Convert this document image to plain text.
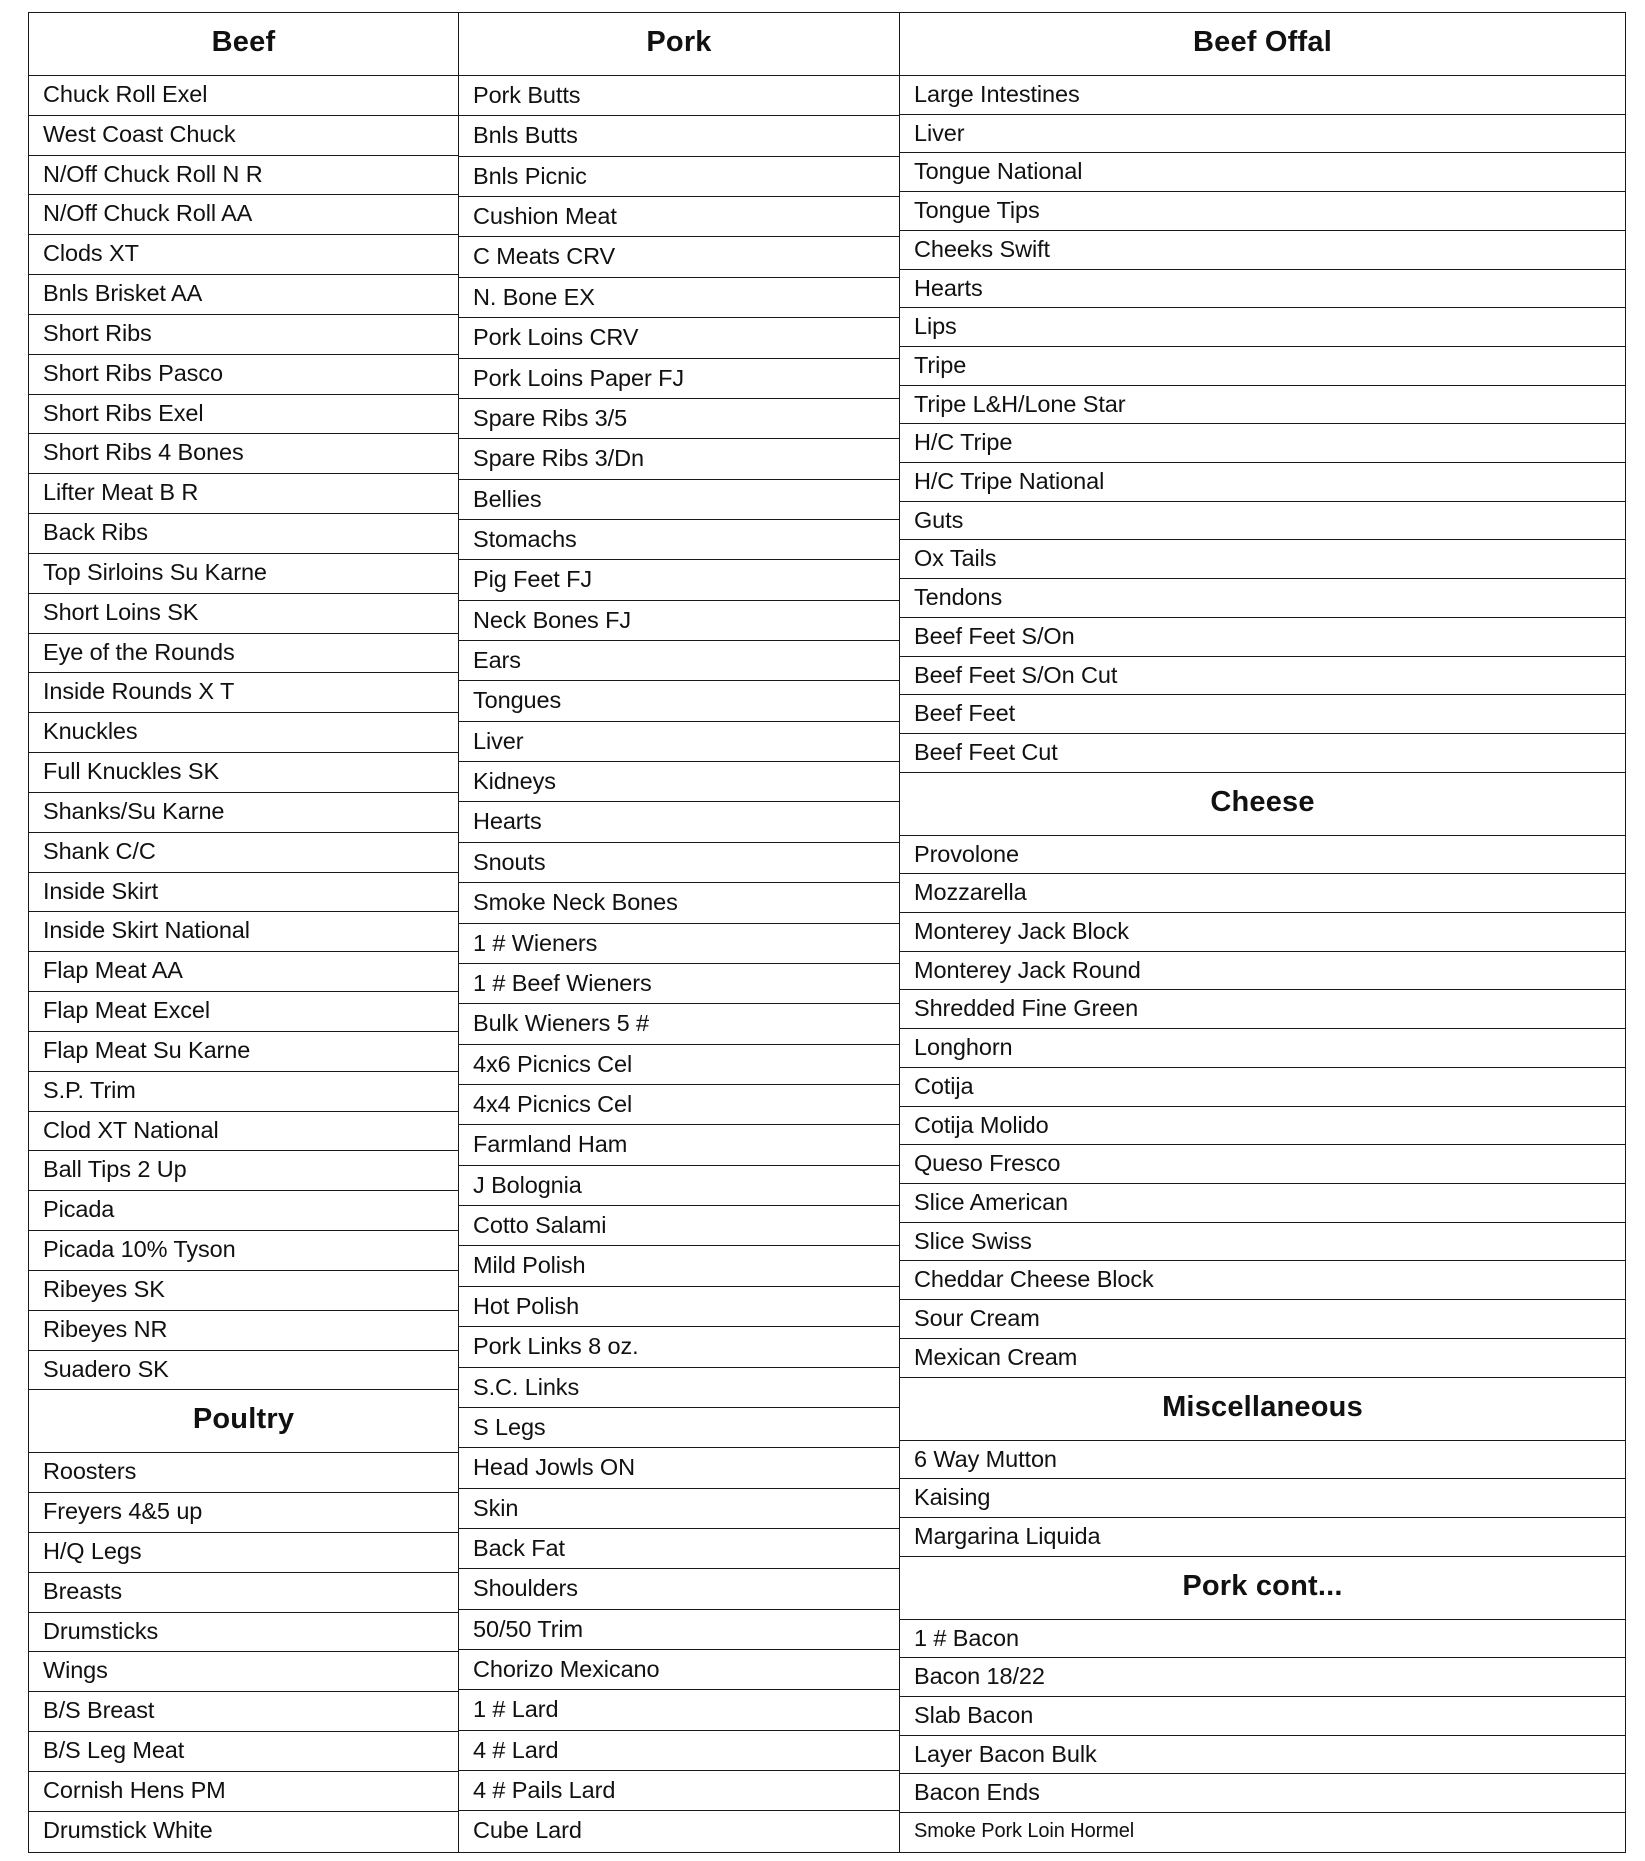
Beef
Chuck Roll Exel
West Coast Chuck
N/Off Chuck Roll N R
N/Off Chuck Roll AA
Clods XT
Bnls Brisket AA
Short Ribs
Short Ribs Pasco
Short Ribs Exel
Short Ribs 4 Bones
Lifter Meat B R
Back Ribs
Top Sirloins Su Karne
Short Loins SK
Eye of the Rounds
Inside Rounds X T
Knuckles
Full Knuckles SK
Shanks/Su Karne
Shank C/C
Inside Skirt
Inside Skirt National
Flap Meat AA
Flap Meat Excel
Flap Meat Su Karne
S.P. Trim
Clod XT National
Ball Tips 2 Up
Picada
Picada 10% Tyson
Ribeyes SK
Ribeyes NR
Suadero SK
Poultry
Roosters
Freyers 4&5 up
H/Q Legs
Breasts
Drumsticks
Wings
B/S Breast
B/S Leg Meat
Cornish Hens PM
Drumstick White

Pork
Pork Butts
Bnls Butts
Bnls Picnic
Cushion Meat
C Meats CRV
N. Bone EX
Pork Loins CRV
Pork Loins Paper FJ
Spare Ribs 3/5
Spare Ribs 3/Dn
Bellies
Stomachs
Pig Feet FJ
Neck Bones FJ
Ears
Tongues
Liver
Kidneys
Hearts
Snouts
Smoke Neck Bones
1 # Wieners
1 # Beef Wieners
Bulk Wieners 5 #
4x6 Picnics Cel
4x4 Picnics Cel
Farmland Ham
J Bolognia
Cotto Salami
Mild Polish
Hot Polish
Pork Links 8 oz.
S.C. Links
S Legs
Head Jowls ON
Skin
Back Fat
Shoulders
50/50 Trim
Chorizo Mexicano
1 # Lard
4 # Lard
4 # Pails Lard
Cube Lard

Beef Offal
Large Intestines
Liver
Tongue National
Tongue Tips
Cheeks Swift
Hearts
Lips
Tripe
Tripe L&H/Lone Star
H/C Tripe
H/C Tripe National
Guts
Ox Tails
Tendons
Beef Feet S/On
Beef Feet S/On Cut
Beef Feet
Beef Feet Cut
Cheese
Provolone
Mozzarella
Monterey Jack Block
Monterey Jack Round
Shredded Fine Green
Longhorn
Cotija
Cotija Molido
Queso Fresco
Slice American
Slice Swiss
Cheddar Cheese Block
Sour Cream
Mexican Cream
Miscellaneous
6 Way Mutton
Kaising
Margarina Liquida
Pork cont...
1 # Bacon
Bacon 18/22
Slab Bacon
Layer Bacon Bulk
Bacon Ends
Smoke Pork Loin Hormel
